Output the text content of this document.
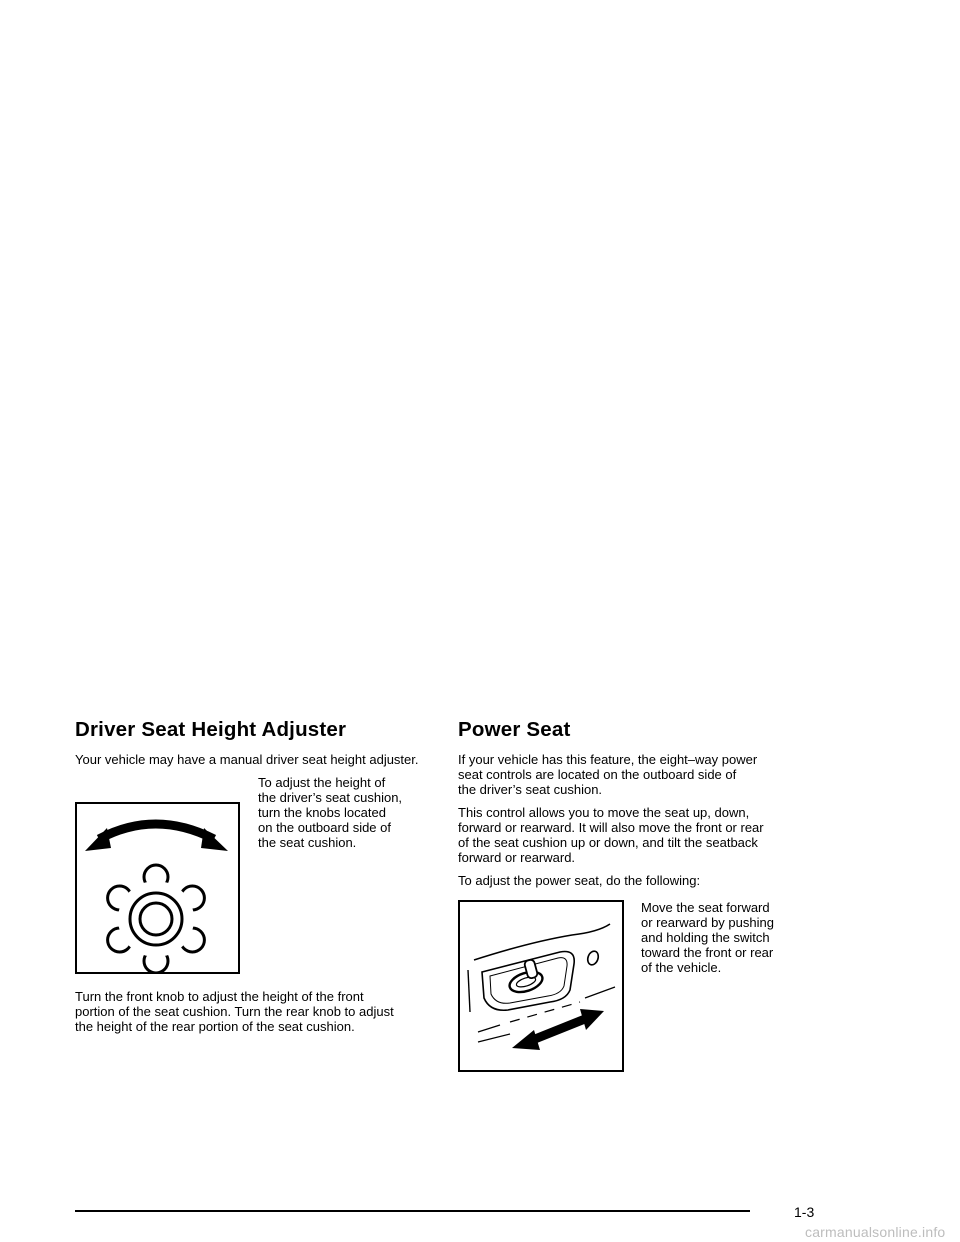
Driver Seat Height Adjuster

Your vehicle may have a manual driver seat height adjuster.

To adjust the height of
the driver’s seat cushion,
turn the knobs located
on the outboard side of
the seat cushion.

Turn the front knob to adjust the height of the front
portion of the seat cushion. Turn the rear knob to adjust
the height of the rear portion of the seat cushion.

Power Seat

If your vehicle has this feature, the eight–way power
seat controls are located on the outboard side of
the driver’s seat cushion.

This control allows you to move the seat up, down,
forward or rearward. It will also move the front or rear
of the seat cushion up or down, and tilt the seatback
forward or rearward.

To adjust the power seat, do the following:

Move the seat forward
or rearward by pushing
and holding the switch
toward the front or rear
of the vehicle.
1-3
carmanualsonline.info
